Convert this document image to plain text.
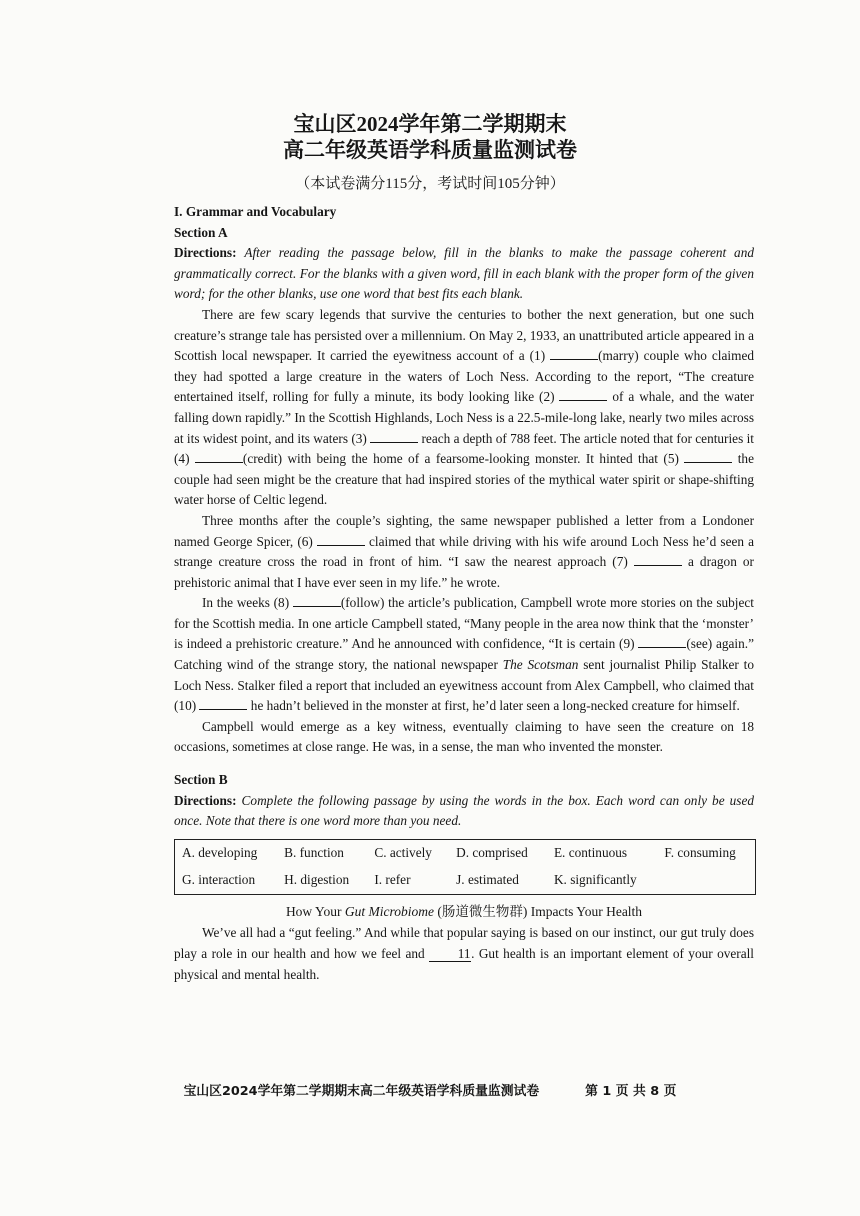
宝山区2024学年第二学期期末
高二年级英语学科质量监测试卷
（本试卷满分115分，考试时间105分钟）

I. Grammar and Vocabulary

Section A

Directions: After reading the passage below, fill in the blanks to make the passage coherent and grammatically correct. For the blanks with a given word, fill in each blank with the proper form of the given word; for the other blanks, use one word that best fits each blank.

There are few scary legends that survive the centuries to bother the next generation, but one such creature’s strange tale has persisted over a millennium. On May 2, 1933, an unattributed article appeared in a Scottish local newspaper. It carried the eyewitness account of a (1)	(marry) couple who claimed they had spotted a large creature in the waters of Loch Ness. According to the report, “The creature entertained itself, rolling for fully a minute, its body looking like (2)	of a whale, and the water falling down rapidly.” In the Scottish Highlands, Loch Ness is a 22.5-mile-long lake, nearly two miles across at its widest point, and its waters (3)	reach a depth of 788 feet. The article noted that for centuries it (4)	(credit) with being the home of a fearsome-looking monster. It hinted that (5)	the couple had seen might be the creature that had inspired stories of the mythical water spirit or shape-shifting water horse of Celtic legend.

Three months after the couple’s sighting, the same newspaper published a letter from a Londoner named George Spicer, (6)	claimed that while driving with his wife around Loch Ness he’d seen a strange creature cross the road in front of him. “I saw the nearest approach (7)	a dragon or prehistoric animal that I have ever seen in my life.” he wrote.

In the weeks (8)	(follow) the article’s publication, Campbell wrote more stories on the subject for the Scottish media. In one article Campbell stated, “Many people in the area now think that the ‘monster’ is indeed a prehistoric creature.” And he announced with confidence, “It is certain (9)	(see) again.” Catching wind of the strange story, the national newspaper The Scotsman sent journalist Philip Stalker to Loch Ness. Stalker filed a report that included an eyewitness account from Alex Campbell, who claimed that (10)	he hadn’t believed in the monster at first, he’d later seen a long-necked creature for himself.

Campbell would emerge as a key witness, eventually claiming to have seen the creature on 18 occasions, sometimes at close range. He was, in a sense, the man who invented the monster.

Section B

Directions: Complete the following passage by using the words in the box. Each word can only be used once. Note that there is one word more than you need.

A. developing	B. function	C. actively	D. comprised	E. continuous	F. consuming
G. interaction	H. digestion	I. refer	J. estimated	K. significantly	

How Your Gut Microbiome (肠道微生物群) Impacts Your Health

We’ve all had a “gut feeling.” And while that popular saying is based on our instinct, our gut truly does play a role in our health and how we feel and 11. Gut health is an important element of your overall physical and mental health.

宝山区2024学年第二学期期末高二年级英语学科质量监测试卷	第 1 页 共 8 页
